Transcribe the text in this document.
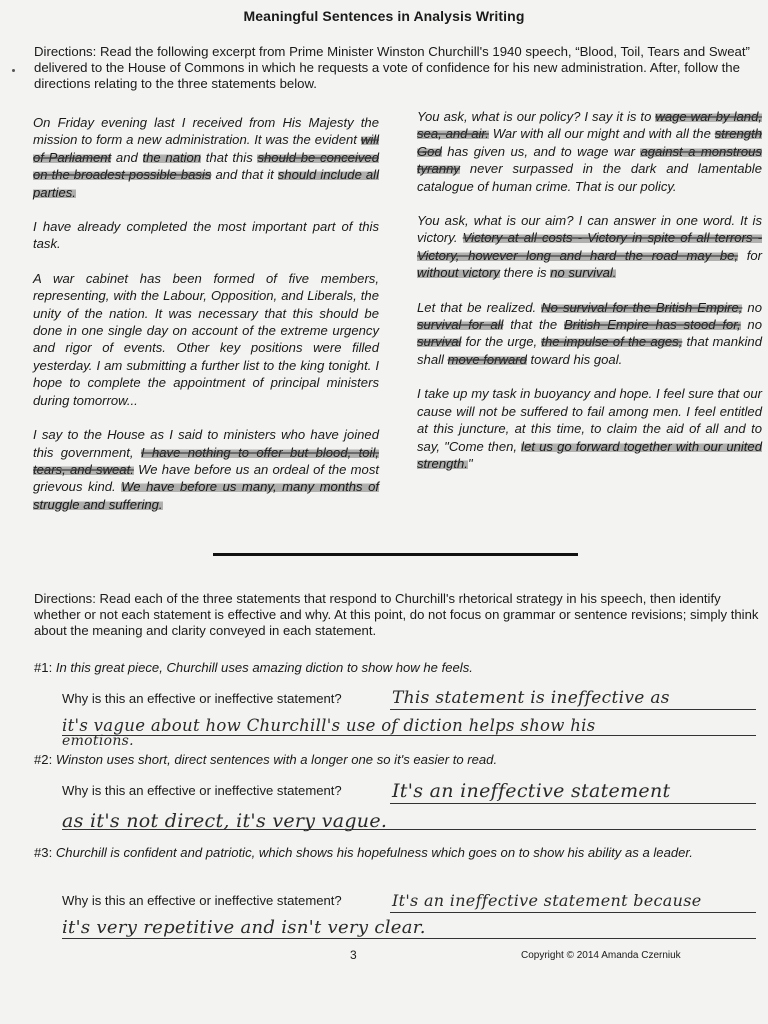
Meaningful Sentences in Analysis Writing
Directions: Read the following excerpt from Prime Minister Winston Churchill's 1940 speech, “Blood, Toil, Tears and Sweat” delivered to the House of Commons in which he requests a vote of confidence for his new administration. After, follow the directions relating to the three statements below.

On Friday evening last I received from His Majesty the mission to form a new administration. It was the evident will of Parliament and the nation that this should be conceived on the broadest possible basis and that it should include all parties.

I have already completed the most important part of this task.

A war cabinet has been formed of five members, representing, with the Labour, Opposition, and Liberals, the unity of the nation. It was necessary that this should be done in one single day on account of the extreme urgency and rigor of events. Other key positions were filled yesterday. I am submitting a further list to the king tonight. I hope to complete the appointment of principal ministers during tomorrow...

I say to the House as I said to ministers who have joined this government, I have nothing to offer but blood, toil, tears, and sweat. We have before us an ordeal of the most grievous kind. We have before us many, many months of struggle and suffering.

You ask, what is our policy? I say it is to wage war by land, sea, and air. War with all our might and with all the strength God has given us, and to wage war against a monstrous tyranny never surpassed in the dark and lamentable catalogue of human crime. That is our policy.

You ask, what is our aim? I can answer in one word. It is victory. Victory at all costs - Victory in spite of all terrors - Victory, however long and hard the road may be, for without victory there is no survival.

Let that be realized. No survival for the British Empire, no survival for all that the British Empire has stood for, no survival for the urge, the impulse of the ages, that mankind shall move forward toward his goal.

I take up my task in buoyancy and hope. I feel sure that our cause will not be suffered to fail among men. I feel entitled at this juncture, at this time, to claim the aid of all and to say, "Come then, let us go forward together with our united strength."

Directions: Read each of the three statements that respond to Churchill's rhetorical strategy in his speech, then identify whether or not each statement is effective and why. At this point, do not focus on grammar or sentence revisions; simply think about the meaning and clarity conveyed in each statement.
#1: In this great piece, Churchill uses amazing diction to show how he feels.
Why is this an effective or ineffective statement?	This statement is ineffective as
it's vague about how Churchill's use of diction helps show his
emotions.
#2: Winston uses short, direct sentences with a longer one so it's easier to read.
Why is this an effective or ineffective statement?	It's an ineffective statement
as it's not direct, it's very vague.
#3: Churchill is confident and patriotic, which shows his hopefulness which goes on to show his ability as a leader.
Why is this an effective or ineffective statement?	It's an ineffective statement because
it's very repetitive and isn't very clear.
3	Copyright © 2014 Amanda Czerniuk
